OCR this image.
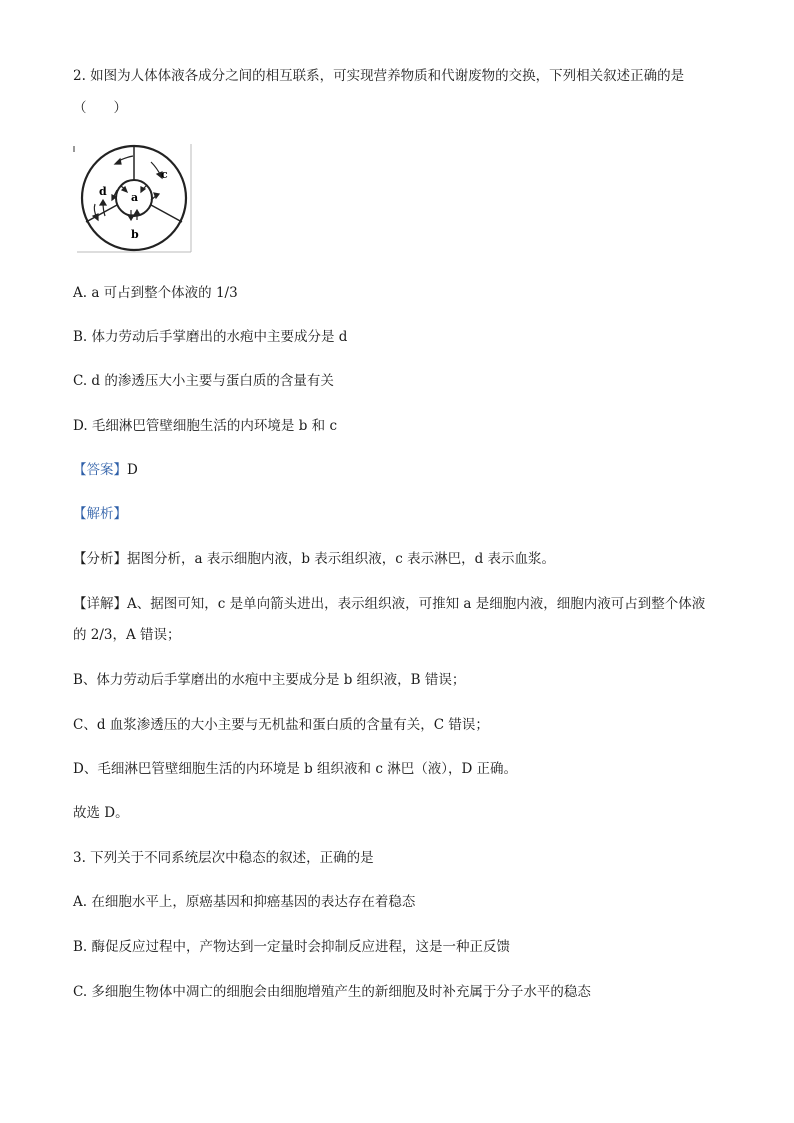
2. 如图为人体体液各成分之间的相互联系，可实现营养物质和代谢废物的交换，下列相关叙述正确的是
（　　）
a
b
c
d
A. a 可占到整个体液的 1/3
B. 体力劳动后手掌磨出的水疱中主要成分是 d
C. d 的渗透压大小主要与蛋白质的含量有关
D. 毛细淋巴管壁细胞生活的内环境是 b 和 c
【答案】D
【解析】
【分析】据图分析，a 表示细胞内液，b 表示组织液，c 表示淋巴，d 表示血浆。
【详解】A、据图可知，c 是单向箭头进出，表示组织液，可推知 a 是细胞内液，细胞内液可占到整个体液
的 2/3，A 错误；
B、体力劳动后手掌磨出的水疱中主要成分是 b 组织液，B 错误；
C、d 血浆渗透压的大小主要与无机盐和蛋白质的含量有关，C 错误；
D、毛细淋巴管壁细胞生活的内环境是 b 组织液和 c 淋巴（液），D 正确。
故选 D。
3. 下列关于不同系统层次中稳态的叙述，正确的是
A. 在细胞水平上，原癌基因和抑癌基因的表达存在着稳态
B. 酶促反应过程中，产物达到一定量时会抑制反应进程，这是一种正反馈
C. 多细胞生物体中凋亡的细胞会由细胞增殖产生的新细胞及时补充属于分子水平的稳态
